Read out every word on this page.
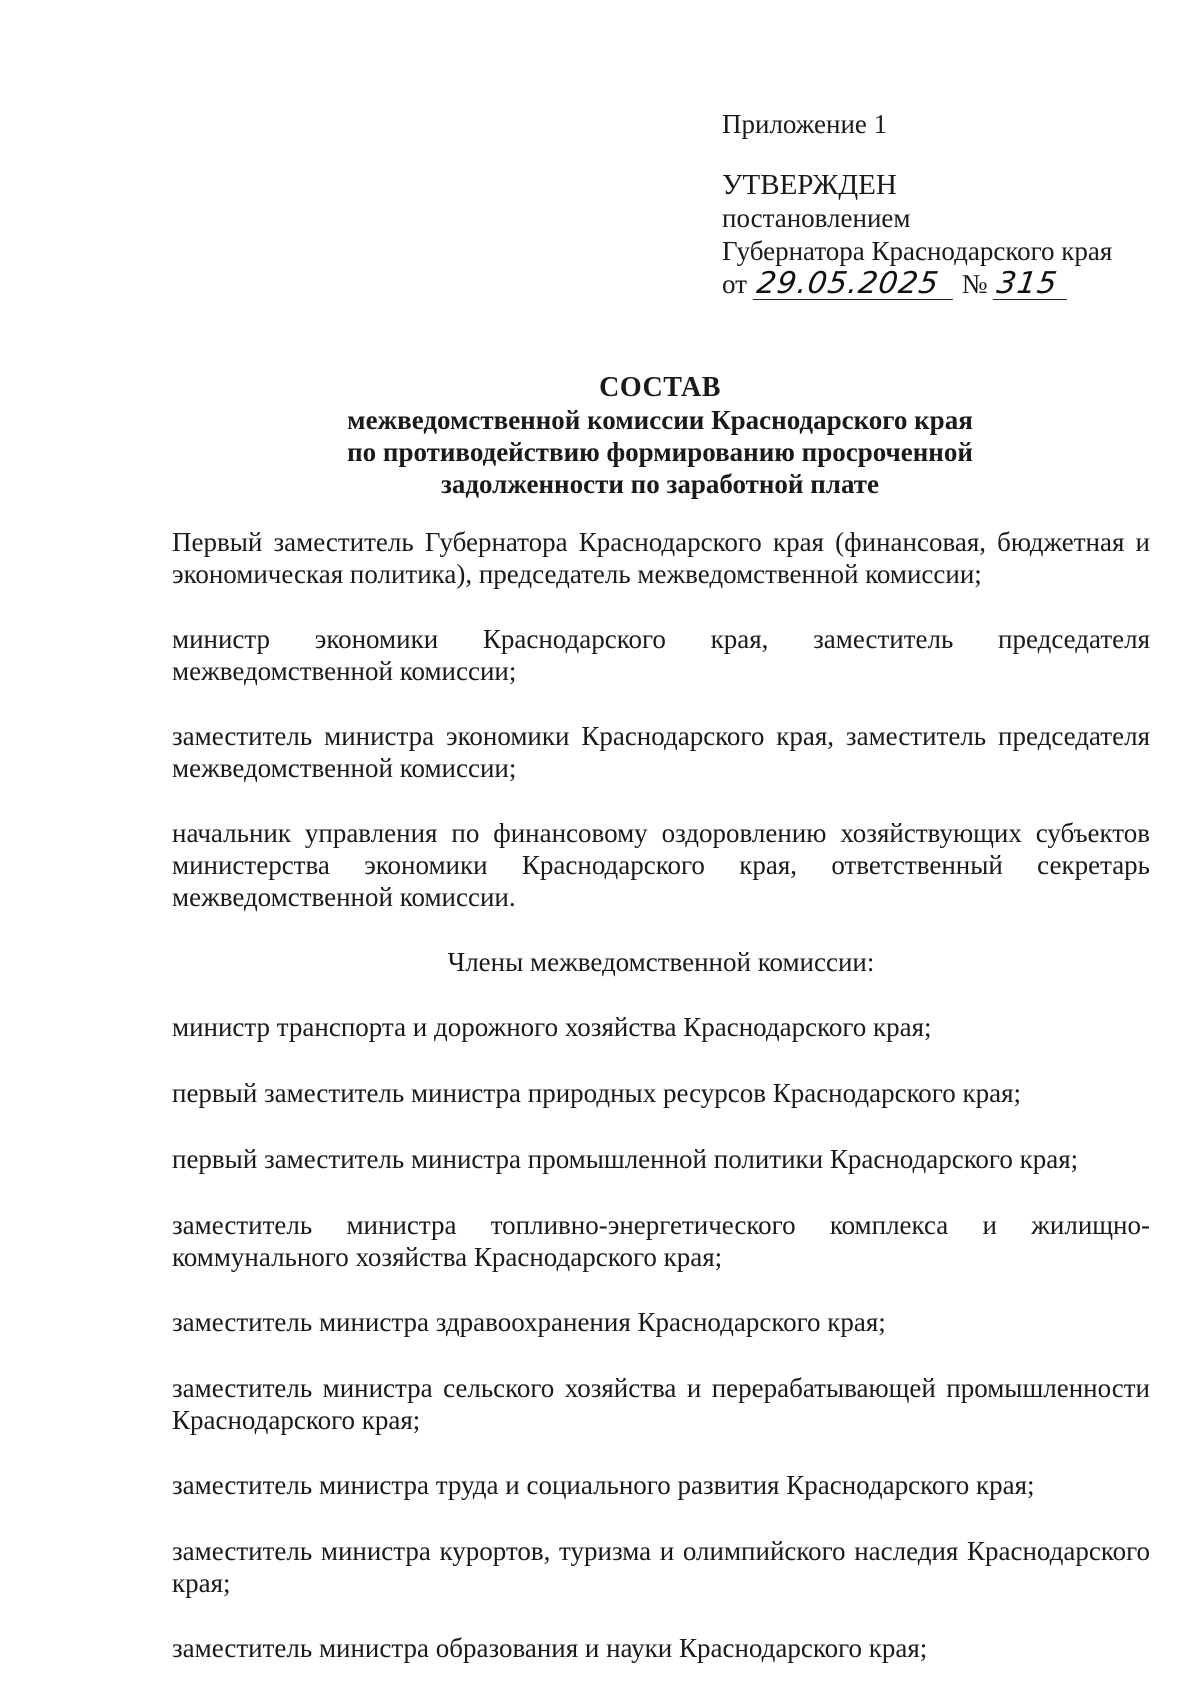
Приложение 1
УТВЕРЖДЕН
постановлением
Губернатора Краснодарского края
от 29.05.2025 № 315
СОСТАВ
межведомственной комиссии Краснодарского края
по противодействию формированию просроченной
задолженности по заработной плате
Первый заместитель Губернатора Краснодарского края (финансовая, бюджетная и экономическая политика), председатель межведомственной комиссии;
министр экономики Краснодарского края, заместитель председателя межведомственной комиссии;
заместитель министра экономики Краснодарского края, заместитель председателя межведомственной комиссии;
начальник управления по финансовому оздоровлению хозяйствующих субъектов министерства экономики Краснодарского края, ответственный секретарь межведомственной комиссии.
Члены межведомственной комиссии:
министр транспорта и дорожного хозяйства Краснодарского края;
первый заместитель министра природных ресурсов Краснодарского края;
первый заместитель министра промышленной политики Краснодарского края;
заместитель министра топливно-энергетического комплекса и жилищно-коммунального хозяйства Краснодарского края;
заместитель министра здравоохранения Краснодарского края;
заместитель министра сельского хозяйства и перерабатывающей промышленности Краснодарского края;
заместитель министра труда и социального развития Краснодарского края;
заместитель министра курортов, туризма и олимпийского наследия Краснодарского края;
заместитель министра образования и науки Краснодарского края;
